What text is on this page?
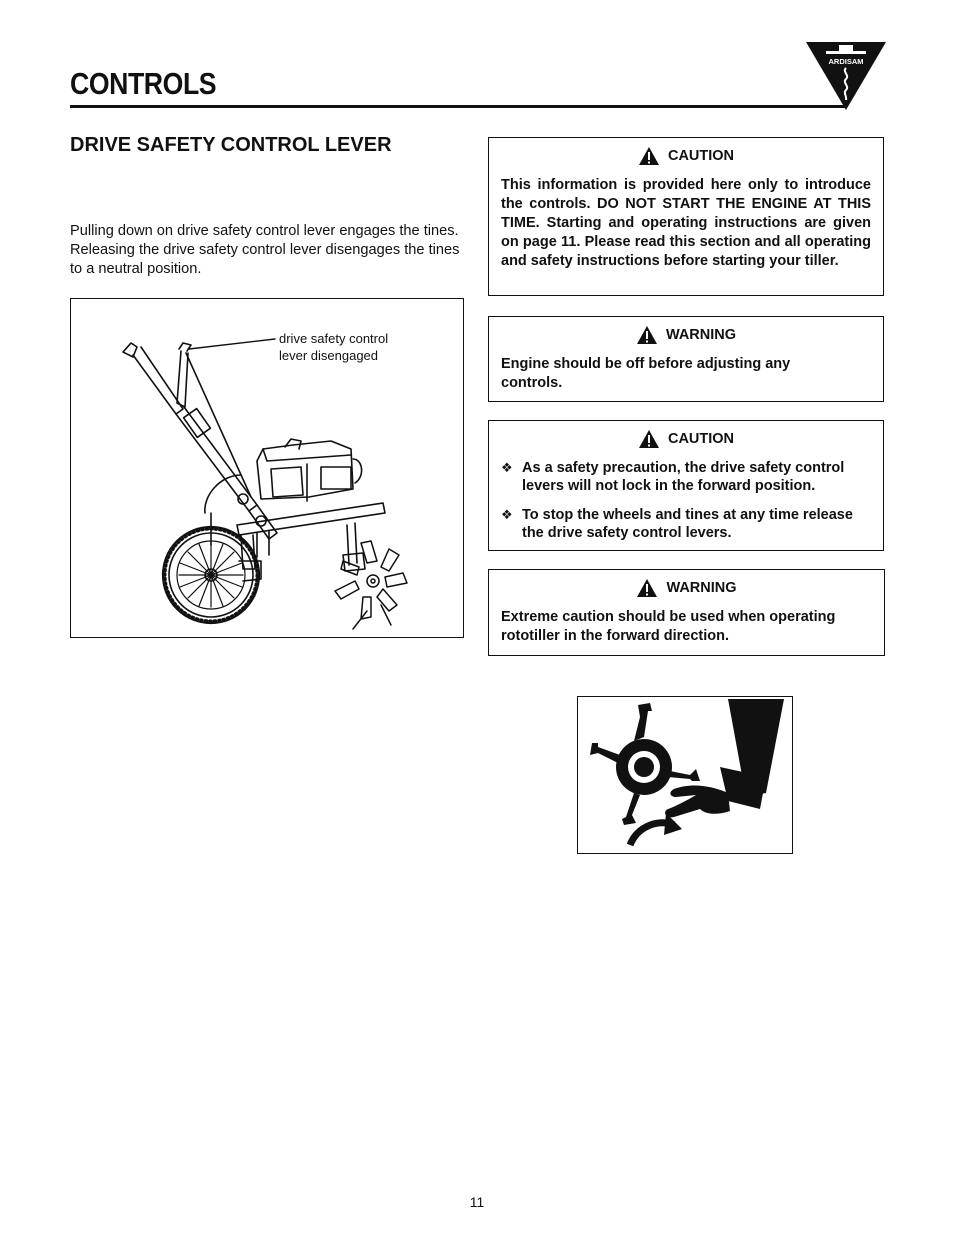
CONTROLS
ARDISAM
DRIVE SAFETY CONTROL LEVER
Pulling down on drive safety control lever engages the tines. Releasing the drive safety control lever disengages the tines to a neutral position.
drive safety control
lever disengaged
CAUTION
This information is provided here only to introduce the controls. DO NOT START THE ENGINE AT THIS TIME. Starting and operating instructions are given on page 11. Please read this section and all operating and safety instructions before starting your tiller.
WARNING
Engine should be off before adjusting any controls.
CAUTION
❖ As a safety precaution, the drive safety control levers will not lock in the forward position.
❖ To stop the wheels and tines at any time release the drive safety control levers.
WARNING
Extreme caution should be used when operating rototiller in the forward direction.
11
